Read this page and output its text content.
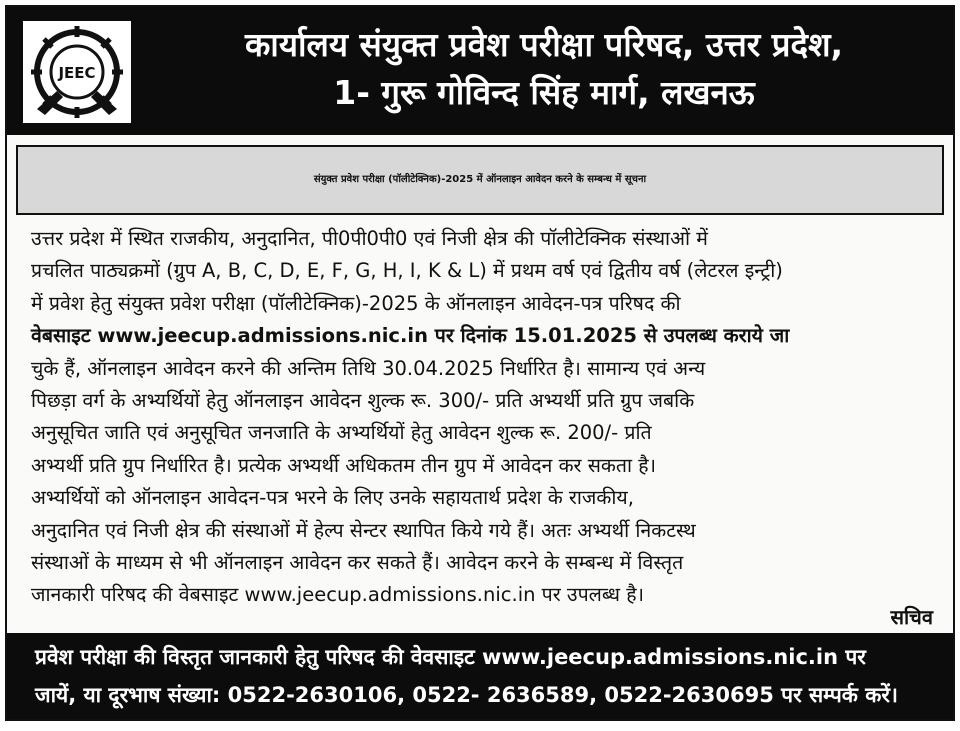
JEEC
कार्यालय संयुक्त प्रवेश परीक्षा परिषद, उत्तर प्रदेश,
1- गुरू गोविन्द सिंह मार्ग, लखनऊ
संयुक्त प्रवेश परीक्षा (पॉलीटेक्निक)-2025 में ऑनलाइन आवेदन करने के सम्बन्ध में सूचना
उत्तर प्रदेश में स्थित राजकीय, अनुदानित, पी0पी0पी0 एवं निजी क्षेत्र की पॉलीटेक्निक संस्थाओं में
प्रचलित पाठ्यक्रमों (ग्रुप A, B, C, D, E, F, G, H, I, K & L) में प्रथम वर्ष एवं द्वितीय वर्ष (लेटरल इन्ट्री)
में प्रवेश हेतु संयुक्त प्रवेश परीक्षा (पॉलीटेक्निक)-2025 के ऑनलाइन आवेदन-पत्र परिषद की
वेबसाइट www.jeecup.admissions.nic.in पर दिनांक 15.01.2025 से उपलब्ध कराये जा
चुके हैं, ऑनलाइन आवेदन करने की अन्तिम तिथि 30.04.2025 निर्धारित है। सामान्य एवं अन्य
पिछड़ा वर्ग के अभ्यर्थियों हेतु ऑनलाइन आवेदन शुल्क रू. 300/- प्रति अभ्यर्थी प्रति ग्रुप जबकि
अनुसूचित जाति एवं अनुसूचित जनजाति के अभ्यर्थियों हेतु आवेदन शुल्क रू. 200/- प्रति
अभ्यर्थी प्रति ग्रुप निर्धारित है। प्रत्येक अभ्यर्थी अधिकतम तीन ग्रुप में आवेदन कर सकता है।
अभ्यर्थियों को ऑनलाइन आवेदन-पत्र भरने के लिए उनके सहायतार्थ प्रदेश के राजकीय,
अनुदानित एवं निजी क्षेत्र की संस्थाओं में हेल्प सेन्टर स्थापित किये गये हैं। अतः अभ्यर्थी निकटस्थ
संस्थाओं के माध्यम से भी ऑनलाइन आवेदन कर सकते हैं। आवेदन करने के सम्बन्ध में विस्तृत
जानकारी परिषद की वेबसाइट www.jeecup.admissions.nic.in पर उपलब्ध है।
सचिव
प्रवेश परीक्षा की विस्तृत जानकारी हेतु परिषद की वेवसाइट www.jeecup.admissions.nic.in पर
जायें, या दूरभाष संख्या: 0522-2630106, 0522- 2636589, 0522-2630695 पर सम्पर्क करें।
